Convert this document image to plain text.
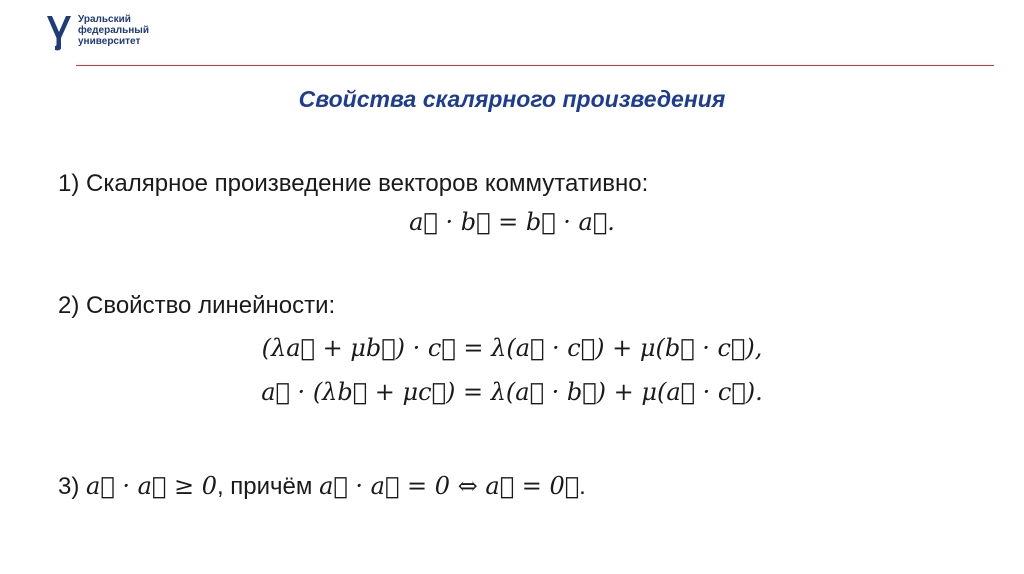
Уральский
федеральный
университет
Свойства скалярного произведения
1) Скалярное произведение векторов коммутативно:
a⃗ · b⃗ = b⃗ · a⃗.
2) Свойство линейности:
(λa⃗ + μb⃗) · c⃗ = λ(a⃗ · c⃗) + μ(b⃗ · c⃗),
a⃗ · (λb⃗ + μc⃗) = λ(a⃗ · b⃗) + μ(a⃗ · c⃗).
3) a⃗ · a⃗ ≥ 0, причём a⃗ · a⃗ = 0 ⇔ a⃗ = 0⃗.
